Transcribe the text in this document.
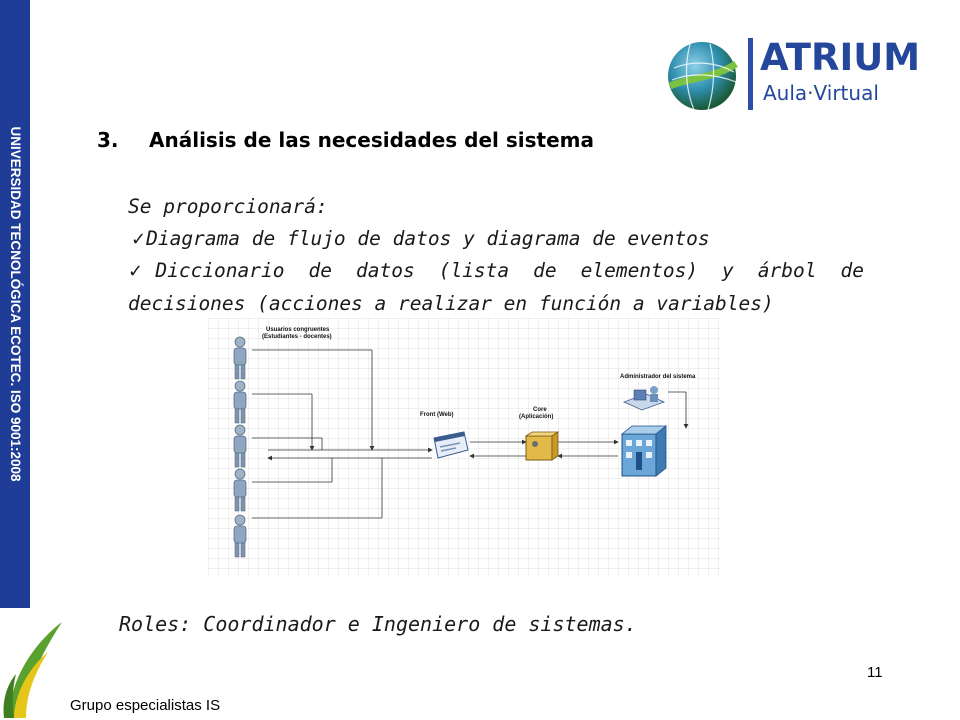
UNIVERSIDAD TECNOLÓGICA ECOTEC. ISO 9001:2008
Grupo especialistas IS
11
ATRIUM
Aula·Virtual
3. Análisis de las necesidades del sistema
Se proporcionará:
✓Diagrama de flujo de datos y diagrama de eventos
✓Diccionario de datos (lista de elementos) y árbol de decisiones (acciones a realizar en función a variables)
Usuarios congruentes
(Estudiantes - docentes)
Front (Web)
Core
(Aplicación)
Administrador del sistema
Roles: Coordinador e Ingeniero de sistemas.
